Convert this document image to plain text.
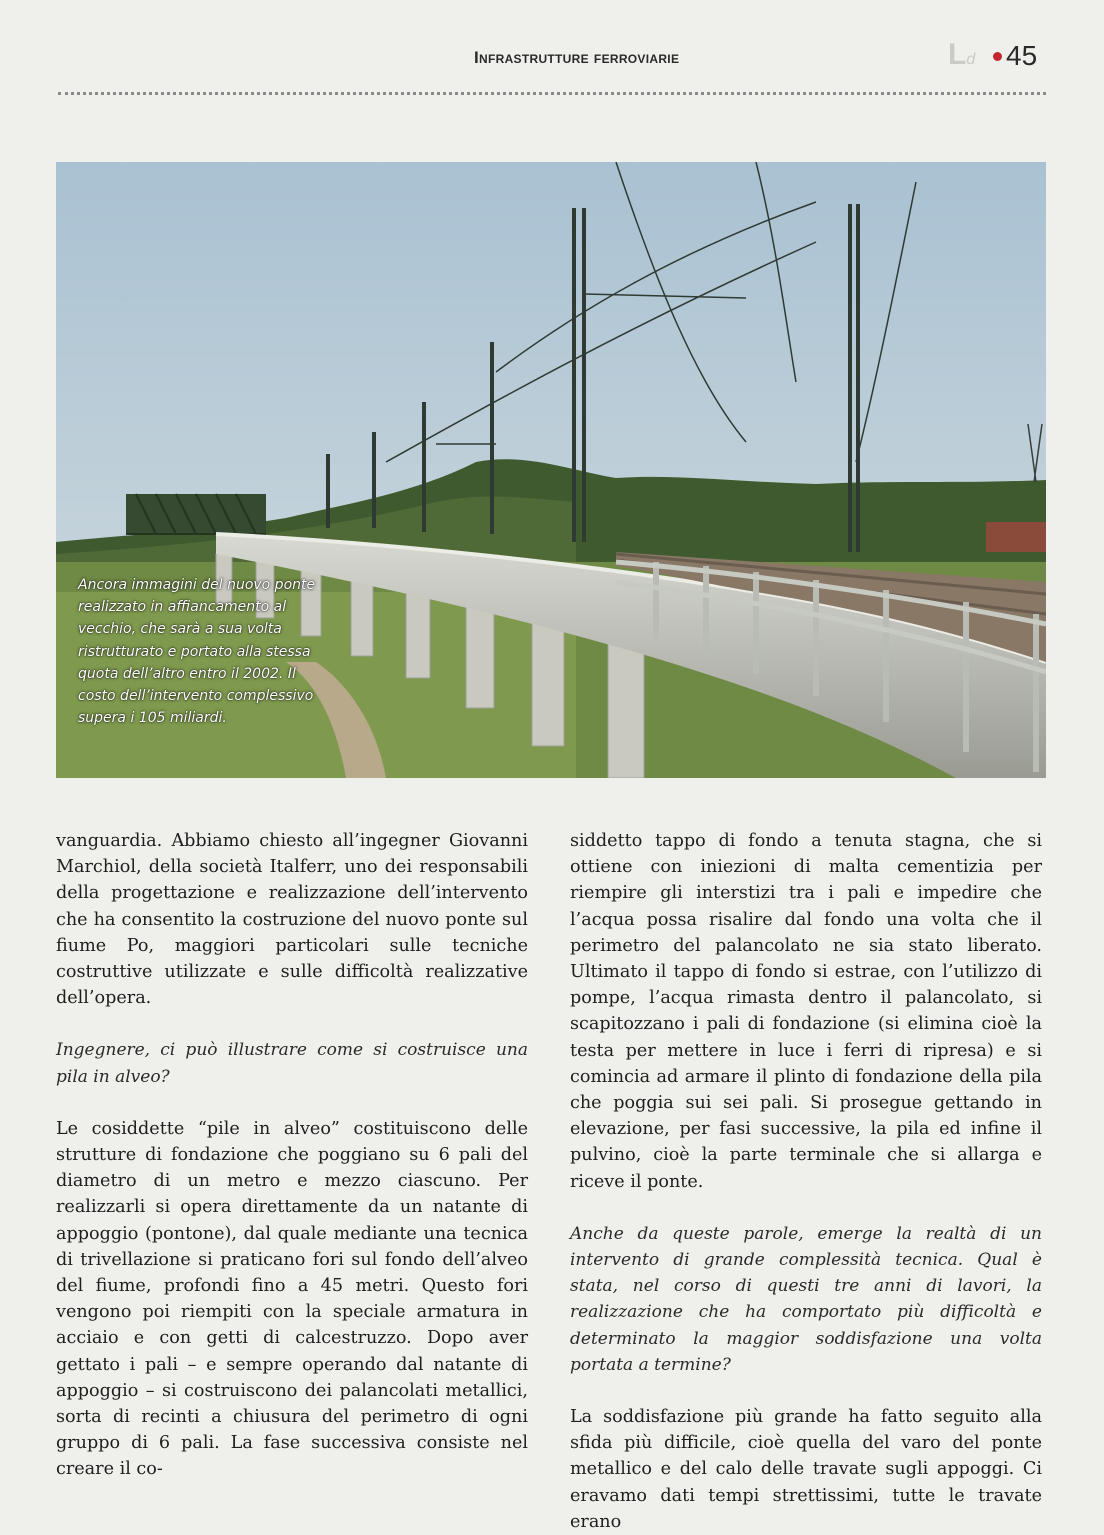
Infrastrutture ferroviarie	Ld	45
Ancora immagini del nuovo ponte realizzato in affiancamento al vecchio, che sarà a sua volta ristrutturato e portato alla stessa quota dell’altro entro il 2002. Il costo dell’intervento complessivo supera i 105 miliardi.

vanguardia. Abbiamo chiesto all’ingegner Giovanni Marchiol, della società Italferr, uno dei responsabili della progettazione e realizzazione dell’intervento che ha consentito la costruzione del nuovo ponte sul fiume Po, maggiori particolari sulle tecniche costruttive utilizzate e sulle difficoltà realizzative dell’opera.

Ingegnere, ci può illustrare come si costruisce una pila in alveo?

Le cosiddette “pile in alveo” costituiscono delle strutture di fondazione che poggiano su 6 pali del diametro di un metro e mezzo ciascuno. Per realizzarli si opera direttamente da un natante di appoggio (pontone), dal quale mediante una tecnica di trivellazione si praticano fori sul fondo dell’alveo del fiume, profondi fino a 45 metri. Questo fori vengono poi riempiti con la speciale armatura in acciaio e con getti di calcestruzzo. Dopo aver gettato i pali – e sempre operando dal natante di appoggio – si costruiscono dei palancolati metallici, sorta di recinti a chiusura del perimetro di ogni gruppo di 6 pali. La fase successiva consiste nel creare il co-

siddetto tappo di fondo a tenuta stagna, che si ottiene con iniezioni di malta cementizia per riempire gli interstizi tra i pali e impedire che l’acqua possa risalire dal fondo una volta che il perimetro del palancolato ne sia stato liberato. Ultimato il tappo di fondo si estrae, con l’utilizzo di pompe, l’acqua rimasta dentro il palancolato, si scapitozzano i pali di fondazione (si elimina cioè la testa per mettere in luce i ferri di ripresa) e si comincia ad armare il plinto di fondazione della pila che poggia sui sei pali. Si prosegue gettando in elevazione, per fasi successive, la pila ed infine il pulvino, cioè la parte terminale che si allarga e riceve il ponte.

Anche da queste parole, emerge la realtà di un intervento di grande complessità tecnica. Qual è stata, nel corso di questi tre anni di lavori, la realizzazione che ha comportato più difficoltà e determinato la maggior soddisfazione una volta portata a termine?

La soddisfazione più grande ha fatto seguito alla sfida più difficile, cioè quella del varo del ponte metallico e del calo delle travate sugli appoggi. Ci eravamo dati tempi strettissimi, tutte le travate erano
